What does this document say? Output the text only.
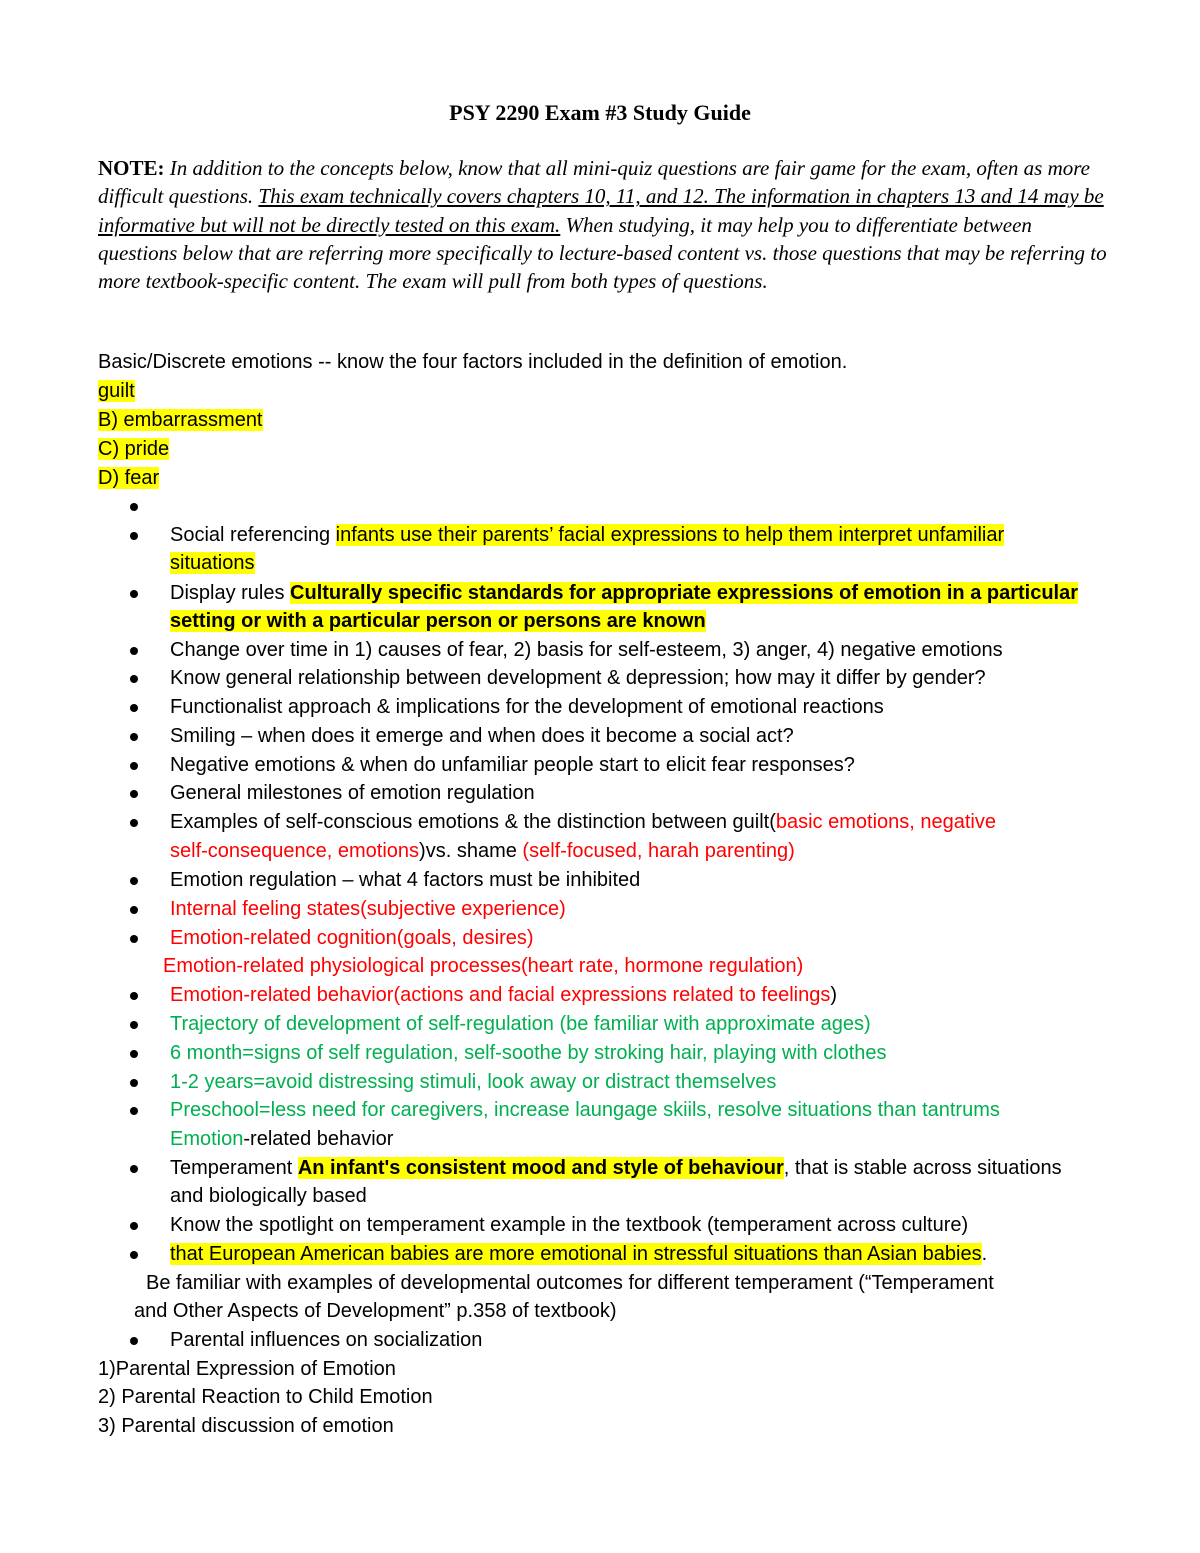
PSY 2290 Exam #3 Study Guide
NOTE: In addition to the concepts below, know that all mini-quiz questions are fair game for the exam, often as more difficult questions. This exam technically covers chapters 10, 11, and 12. The information in chapters 13 and 14 may be informative but will not be directly tested on this exam. When studying, it may help you to differentiate between questions below that are referring more specifically to lecture-based content vs. those questions that may be referring to more textbook-specific content. The exam will pull from both types of questions.
Basic/Discrete emotions -- know the four factors included in the definition of emotion.
guilt
B) embarrassment
C) pride
D) fear
Social referencing infants use their parents’ facial expressions to help them interpret unfamiliar
situations
Display rules Culturally specific standards for appropriate expressions of emotion in a particular
setting or with a particular person or persons are known
Change over time in 1) causes of fear, 2) basis for self-esteem, 3) anger, 4) negative emotions
Know general relationship between development & depression; how may it differ by gender?
Functionalist approach & implications for the development of emotional reactions
Smiling – when does it emerge and when does it become a social act?
Negative emotions & when do unfamiliar people start to elicit fear responses?
General milestones of emotion regulation
Examples of self-conscious emotions & the distinction between guilt(basic emotions, negative
self-consequence, emotions)vs. shame (self-focused, harah parenting)
Emotion regulation – what 4 factors must be inhibited
Internal feeling states(subjective experience)
Emotion-related cognition(goals, desires)
Emotion-related physiological processes(heart rate, hormone regulation)
Emotion-related behavior(actions and facial expressions related to feelings)
Trajectory of development of self-regulation (be familiar with approximate ages)
6 month=signs of self regulation, self-soothe by stroking hair, playing with clothes
1-2 years=avoid distressing stimuli, look away or distract themselves
Preschool=less need for caregivers, increase laungage skiils, resolve situations than tantrums
Emotion-related behavior
Temperament An infant's consistent mood and style of behaviour, that is stable across situations
and biologically based
Know the spotlight on temperament example in the textbook (temperament across culture)
that European American babies are more emotional in stressful situations than Asian babies.
Be familiar with examples of developmental outcomes for different temperament (“Temperament
and Other Aspects of Development” p.358 of textbook)
Parental influences on socialization
1)Parental Expression of Emotion
2) Parental Reaction to Child Emotion
3) Parental discussion of emotion
